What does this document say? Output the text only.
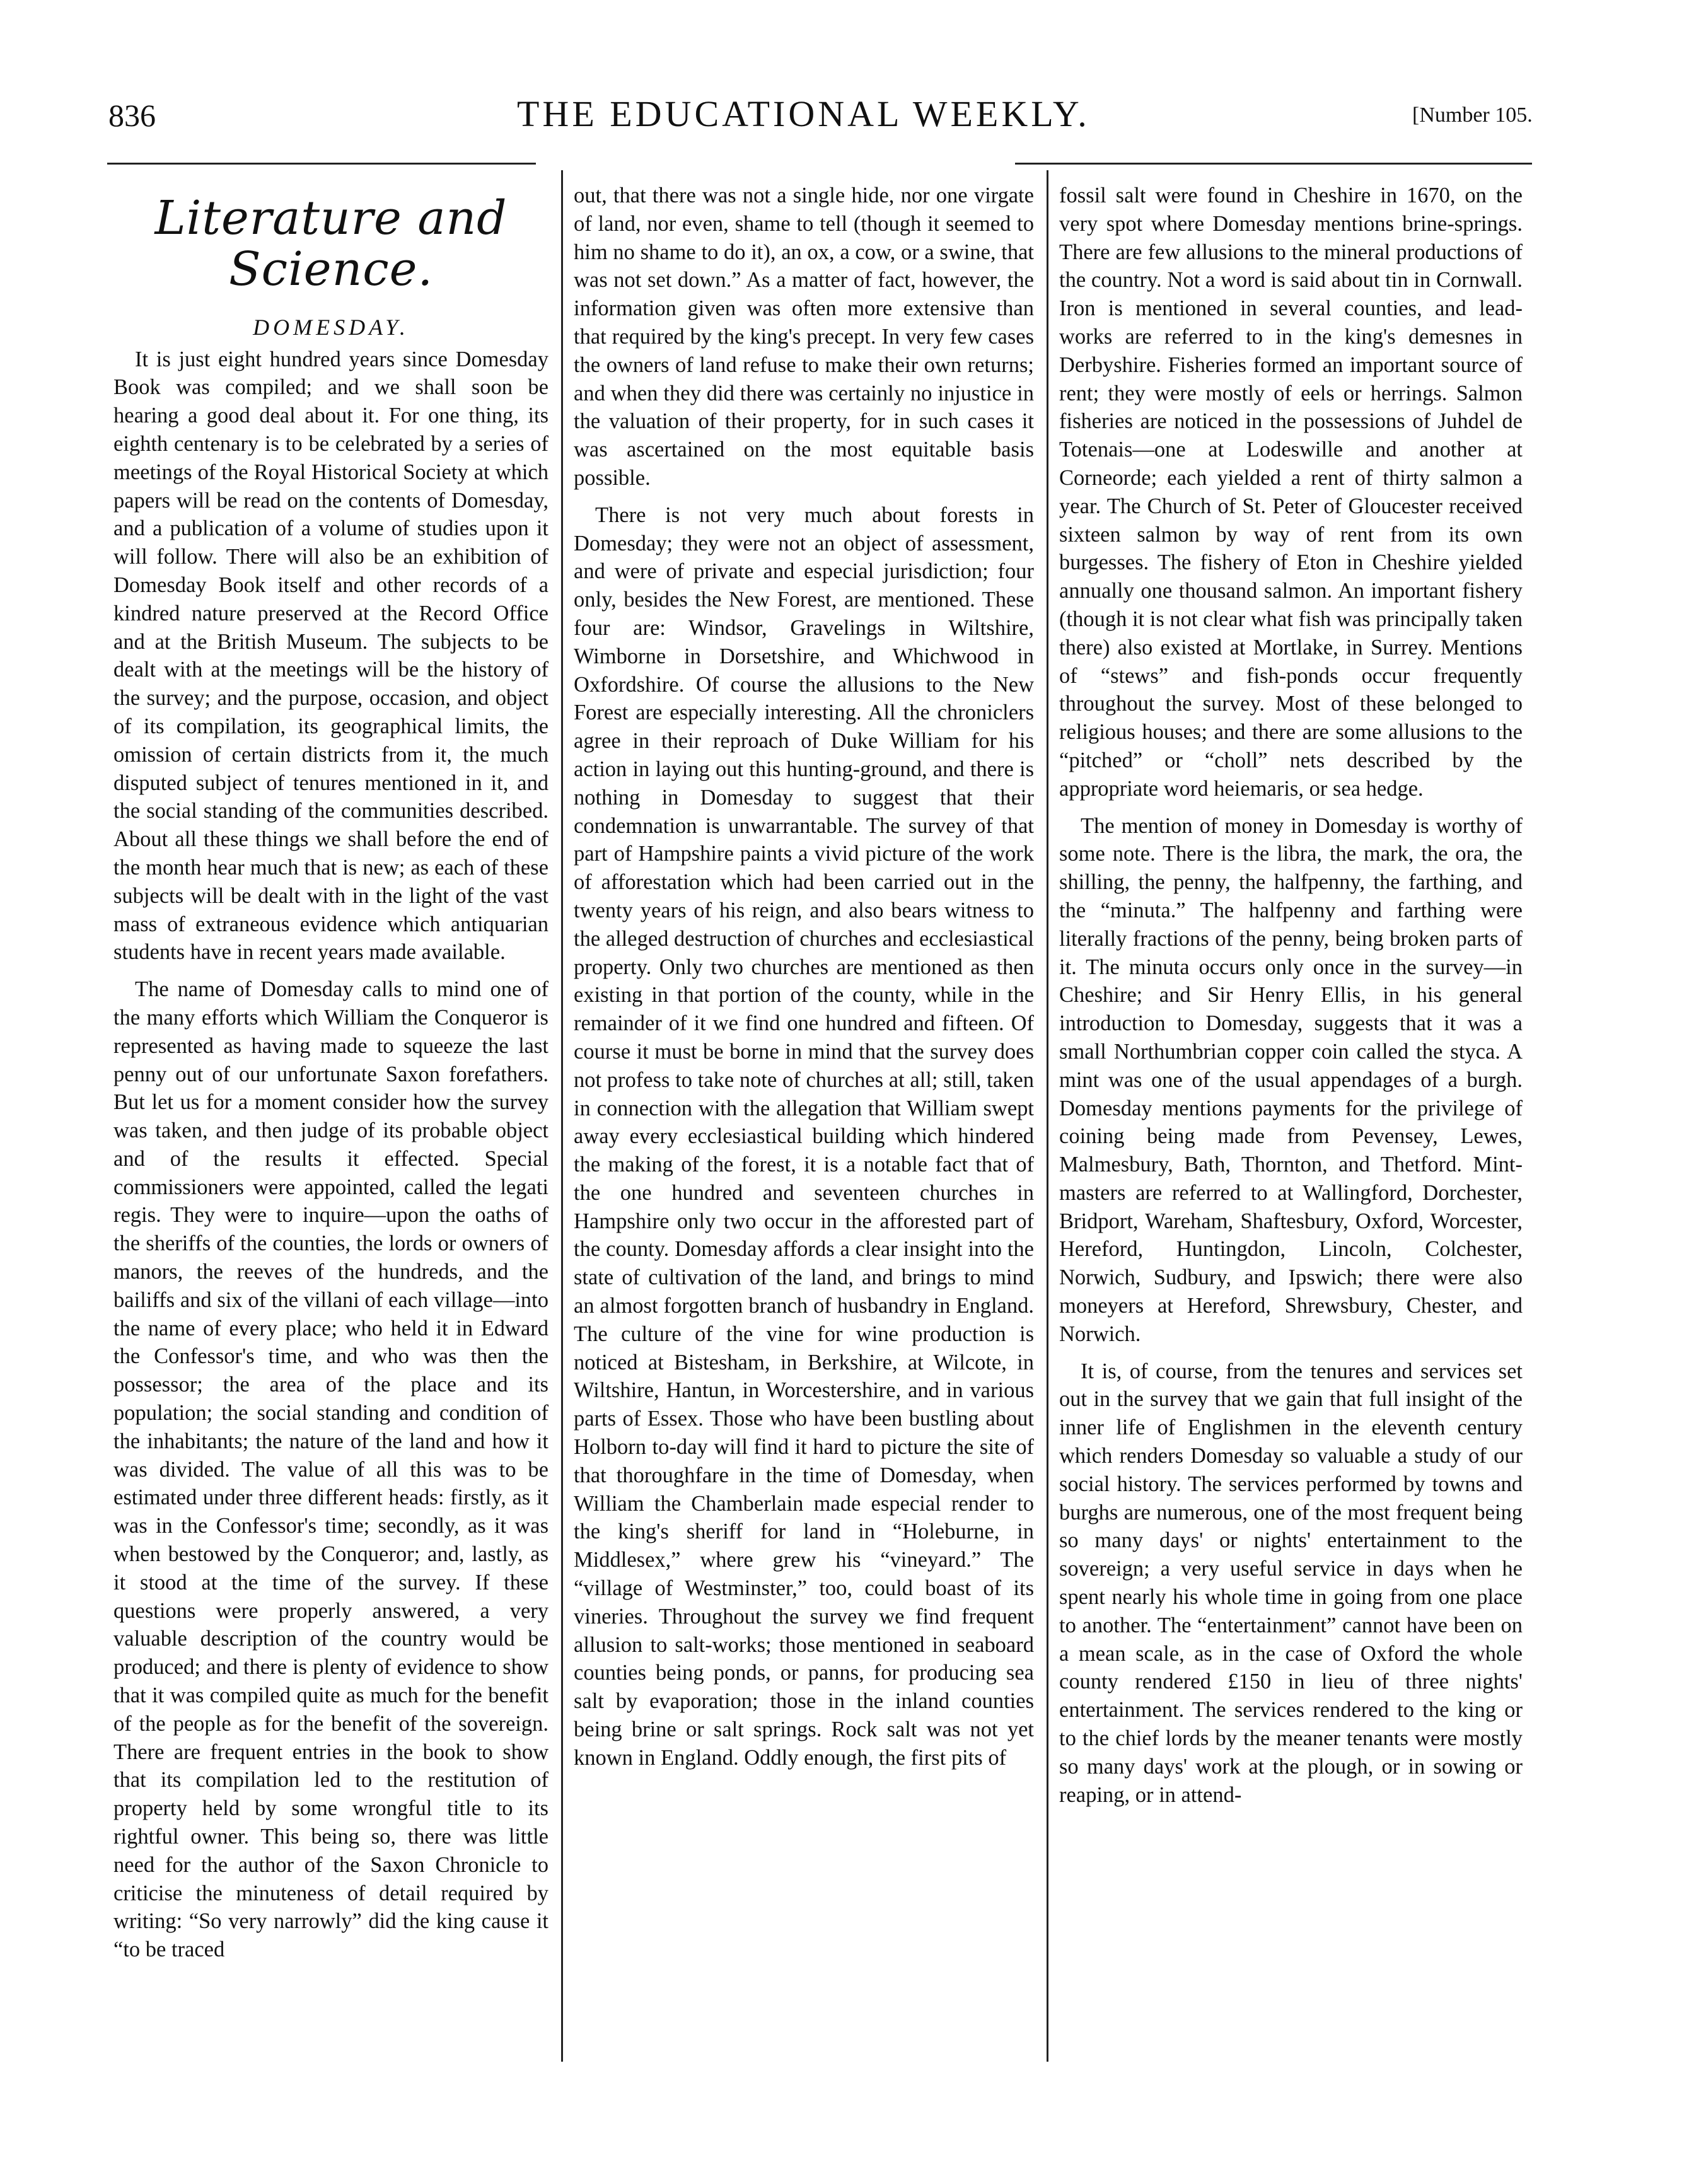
836	THE EDUCATIONAL WEEKLY.	[Number 105.
Literature and Science.
DOMESDAY.

It is just eight hundred years since Domesday Book was compiled; and we shall soon be hearing a good deal about it. For one thing, its eighth centenary is to be celebrated by a series of meetings of the Royal Historical Society at which papers will be read on the contents of Domesday, and a publication of a volume of studies upon it will follow. There will also be an exhibition of Domesday Book itself and other records of a kindred nature preserved at the Record Office and at the British Museum. The subjects to be dealt with at the meetings will be the history of the survey; and the purpose, occasion, and object of its compilation, its geographical limits, the omission of certain districts from it, the much disputed subject of tenures mentioned in it, and the social standing of the communities described. About all these things we shall before the end of the month hear much that is new; as each of these subjects will be dealt with in the light of the vast mass of extraneous evidence which antiquarian students have in recent years made available.

The name of Domesday calls to mind one of the many efforts which William the Conqueror is represented as having made to squeeze the last penny out of our unfortunate Saxon forefathers. But let us for a moment consider how the survey was taken, and then judge of its probable object and of the results it effected. Special commissioners were appointed, called the legati regis. They were to inquire—upon the oaths of the sheriffs of the counties, the lords or owners of manors, the reeves of the hundreds, and the bailiffs and six of the villani of each village—into the name of every place; who held it in Edward the Confessor's time, and who was then the possessor; the area of the place and its population; the social standing and condition of the inhabitants; the nature of the land and how it was divided. The value of all this was to be estimated under three different heads: firstly, as it was in the Confessor's time; secondly, as it was when bestowed by the Conqueror; and, lastly, as it stood at the time of the survey. If these questions were properly answered, a very valuable description of the country would be produced; and there is plenty of evidence to show that it was compiled quite as much for the benefit of the people as for the benefit of the sovereign. There are frequent entries in the book to show that its compilation led to the restitution of property held by some wrongful title to its rightful owner. This being so, there was little need for the author of the Saxon Chronicle to criticise the minuteness of detail required by writing: “So very narrowly” did the king cause it “to be traced

out, that there was not a single hide, nor one virgate of land, nor even, shame to tell (though it seemed to him no shame to do it), an ox, a cow, or a swine, that was not set down.” As a matter of fact, however, the information given was often more extensive than that required by the king's precept. In very few cases the owners of land refuse to make their own returns; and when they did there was certainly no injustice in the valuation of their property, for in such cases it was ascertained on the most equitable basis possible.

There is not very much about forests in Domesday; they were not an object of assessment, and were of private and especial jurisdiction; four only, besides the New Forest, are mentioned. These four are: Windsor, Gravelings in Wiltshire, Wimborne in Dorsetshire, and Whichwood in Oxfordshire. Of course the allusions to the New Forest are especially interesting. All the chroniclers agree in their reproach of Duke William for his action in laying out this hunting-ground, and there is nothing in Domesday to suggest that their condemnation is unwarrantable. The survey of that part of Hampshire paints a vivid picture of the work of afforestation which had been carried out in the twenty years of his reign, and also bears witness to the alleged destruction of churches and ecclesiastical property. Only two churches are mentioned as then existing in that portion of the county, while in the remainder of it we find one hundred and fifteen. Of course it must be borne in mind that the survey does not profess to take note of churches at all; still, taken in connection with the allegation that William swept away every ecclesiastical building which hindered the making of the forest, it is a notable fact that of the one hundred and seventeen churches in Hampshire only two occur in the afforested part of the county. Domesday affords a clear insight into the state of cultivation of the land, and brings to mind an almost forgotten branch of husbandry in England. The culture of the vine for wine production is noticed at Bistesham, in Berkshire, at Wilcote, in Wiltshire, Hantun, in Worcestershire, and in various parts of Essex. Those who have been bustling about Holborn to-day will find it hard to picture the site of that thoroughfare in the time of Domesday, when William the Chamberlain made especial render to the king's sheriff for land in “Holeburne, in Middlesex,” where grew his “vineyard.” The “village of Westminster,” too, could boast of its vineries. Throughout the survey we find frequent allusion to salt-works; those mentioned in seaboard counties being ponds, or panns, for producing sea salt by evaporation; those in the inland counties being brine or salt springs. Rock salt was not yet known in England. Oddly enough, the first pits of

fossil salt were found in Cheshire in 1670, on the very spot where Domesday mentions brine-springs. There are few allusions to the mineral productions of the country. Not a word is said about tin in Cornwall. Iron is mentioned in several counties, and lead-works are referred to in the king's demesnes in Derbyshire. Fisheries formed an important source of rent; they were mostly of eels or herrings. Salmon fisheries are noticed in the possessions of Juhdel de Totenais—one at Lodeswille and another at Corneorde; each yielded a rent of thirty salmon a year. The Church of St. Peter of Gloucester received sixteen salmon by way of rent from its own burgesses. The fishery of Eton in Cheshire yielded annually one thousand salmon. An important fishery (though it is not clear what fish was principally taken there) also existed at Mortlake, in Surrey. Mentions of “stews” and fish-ponds occur frequently throughout the survey. Most of these belonged to religious houses; and there are some allusions to the “pitched” or “choll” nets described by the appropriate word heiemaris, or sea hedge.

The mention of money in Domesday is worthy of some note. There is the libra, the mark, the ora, the shilling, the penny, the halfpenny, the farthing, and the “minuta.” The halfpenny and farthing were literally fractions of the penny, being broken parts of it. The minuta occurs only once in the survey—in Cheshire; and Sir Henry Ellis, in his general introduction to Domesday, suggests that it was a small Northumbrian copper coin called the styca. A mint was one of the usual appendages of a burgh. Domesday mentions payments for the privilege of coining being made from Pevensey, Lewes, Malmesbury, Bath, Thornton, and Thetford. Mint-masters are referred to at Wallingford, Dorchester, Bridport, Wareham, Shaftesbury, Oxford, Worcester, Hereford, Huntingdon, Lincoln, Colchester, Norwich, Sudbury, and Ipswich; there were also moneyers at Hereford, Shrewsbury, Chester, and Norwich.

It is, of course, from the tenures and services set out in the survey that we gain that full insight of the inner life of Englishmen in the eleventh century which renders Domesday so valuable a study of our social history. The services performed by towns and burghs are numerous, one of the most frequent being so many days' or nights' entertainment to the sovereign; a very useful service in days when he spent nearly his whole time in going from one place to another. The “entertainment” cannot have been on a mean scale, as in the case of Oxford the whole county rendered £150 in lieu of three nights' entertainment. The services rendered to the king or to the chief lords by the meaner tenants were mostly so many days' work at the plough, or in sowing or reaping, or in attend-
